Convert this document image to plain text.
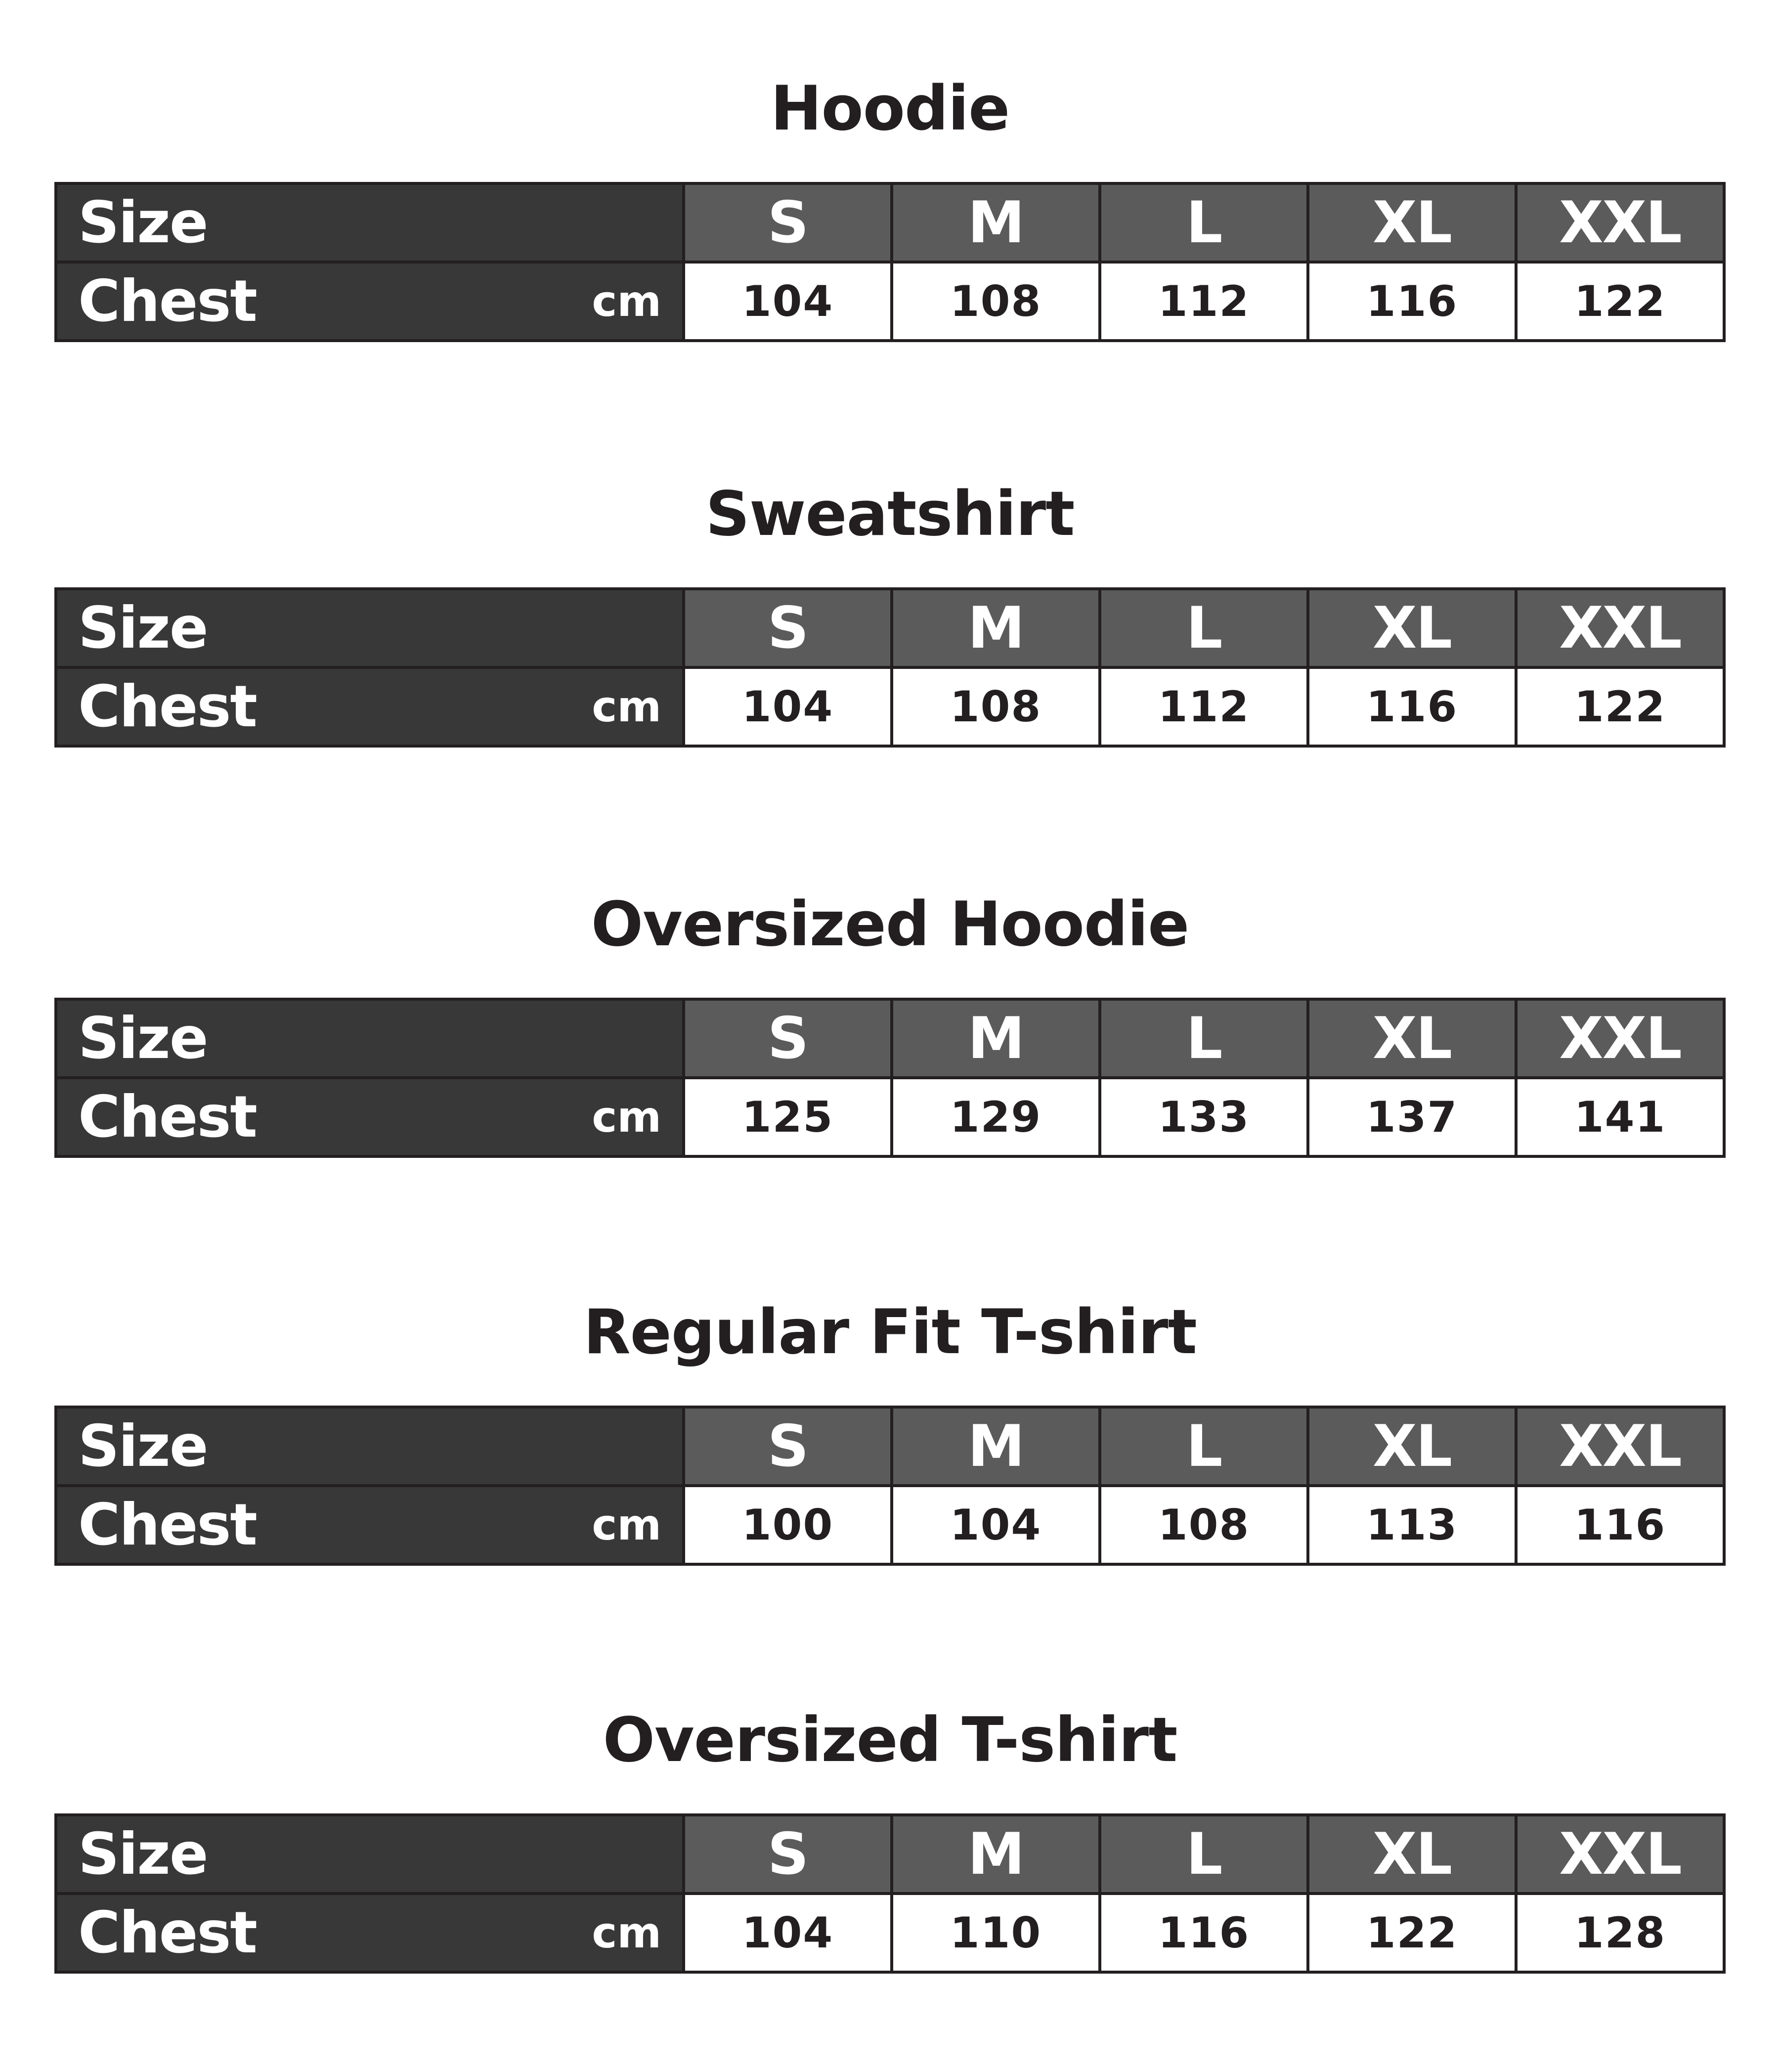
Hoodie
Size	S	M	L	XL	XXL

Chest cm	104	108	112	116	122
Sweatshirt
Size	S	M	L	XL	XXL

Chest cm	104	108	112	116	122
Oversized Hoodie
Size	S	M	L	XL	XXL

Chest cm	125	129	133	137	141
Regular Fit T-shirt
Size	S	M	L	XL	XXL

Chest cm	100	104	108	113	116
Oversized T-shirt
Size	S	M	L	XL	XXL

Chest cm	104	110	116	122	128
